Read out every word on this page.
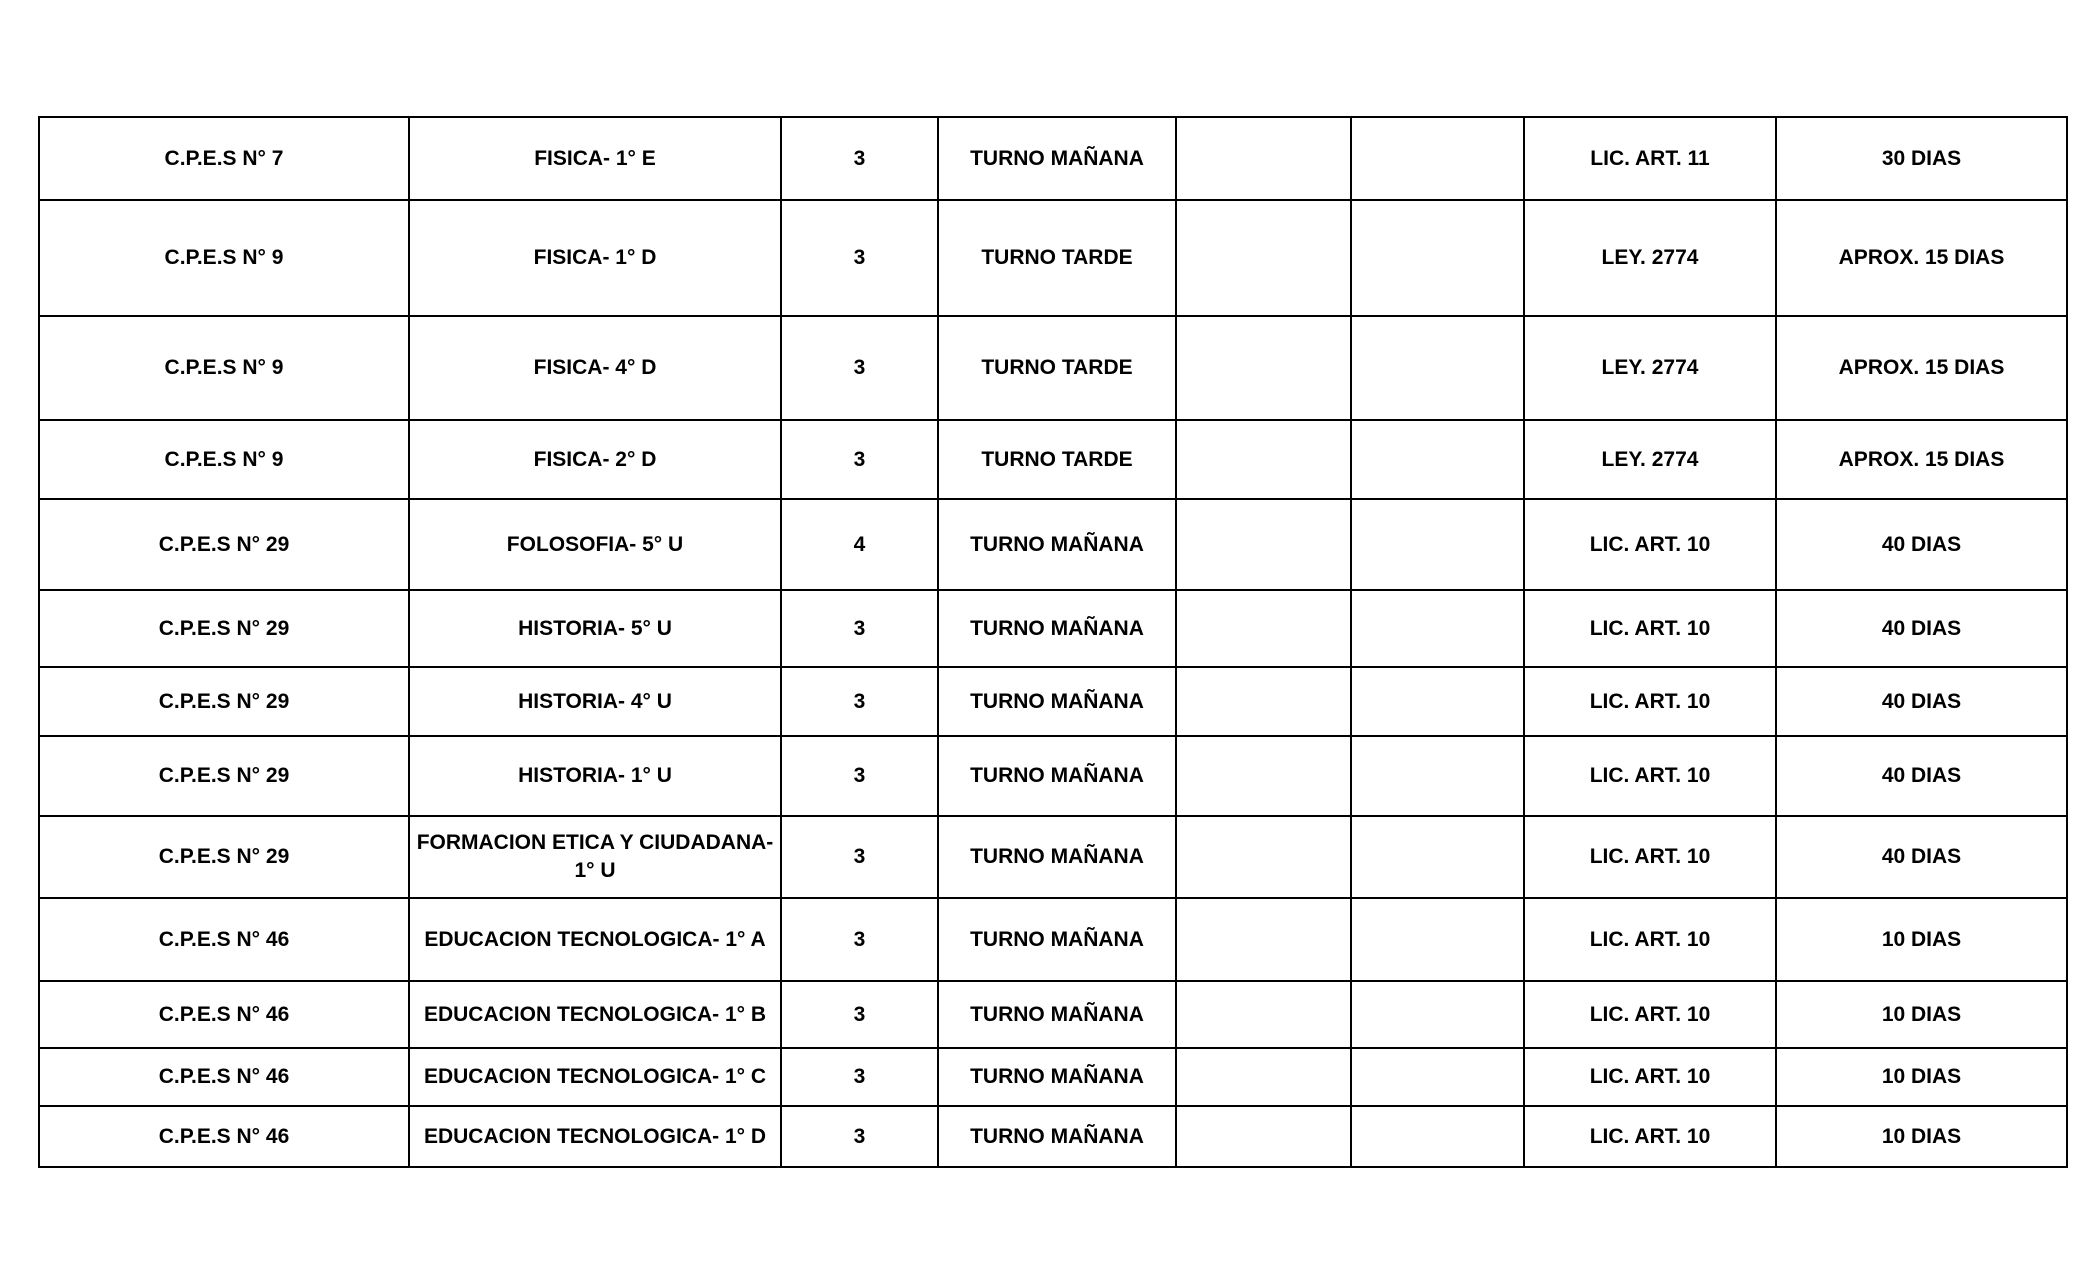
C.P.E.S N° 7	FISICA- 1° E	3	TURNO MAÑANA			LIC. ART. 11	30 DIAS
C.P.E.S N° 9	FISICA- 1° D	3	TURNO TARDE			LEY. 2774	APROX. 15 DIAS
C.P.E.S N° 9	FISICA- 4° D	3	TURNO TARDE			LEY. 2774	APROX. 15 DIAS
C.P.E.S N° 9	FISICA- 2° D	3	TURNO TARDE			LEY. 2774	APROX. 15 DIAS
C.P.E.S N° 29	FOLOSOFIA- 5° U	4	TURNO MAÑANA			LIC. ART. 10	40 DIAS
C.P.E.S N° 29	HISTORIA- 5° U	3	TURNO MAÑANA			LIC. ART. 10	40 DIAS
C.P.E.S N° 29	HISTORIA- 4° U	3	TURNO MAÑANA			LIC. ART. 10	40 DIAS
C.P.E.S N° 29	HISTORIA- 1° U	3	TURNO MAÑANA			LIC. ART. 10	40 DIAS
C.P.E.S N° 29	FORMACION ETICA Y CIUDADANA- 1° U	3	TURNO MAÑANA			LIC. ART. 10	40 DIAS
C.P.E.S N° 46	EDUCACION TECNOLOGICA- 1° A	3	TURNO MAÑANA			LIC. ART. 10	10 DIAS
C.P.E.S N° 46	EDUCACION TECNOLOGICA- 1° B	3	TURNO MAÑANA			LIC. ART. 10	10 DIAS
C.P.E.S N° 46	EDUCACION TECNOLOGICA- 1° C	3	TURNO MAÑANA			LIC. ART. 10	10 DIAS
C.P.E.S N° 46	EDUCACION TECNOLOGICA- 1° D	3	TURNO MAÑANA			LIC. ART. 10	10 DIAS
